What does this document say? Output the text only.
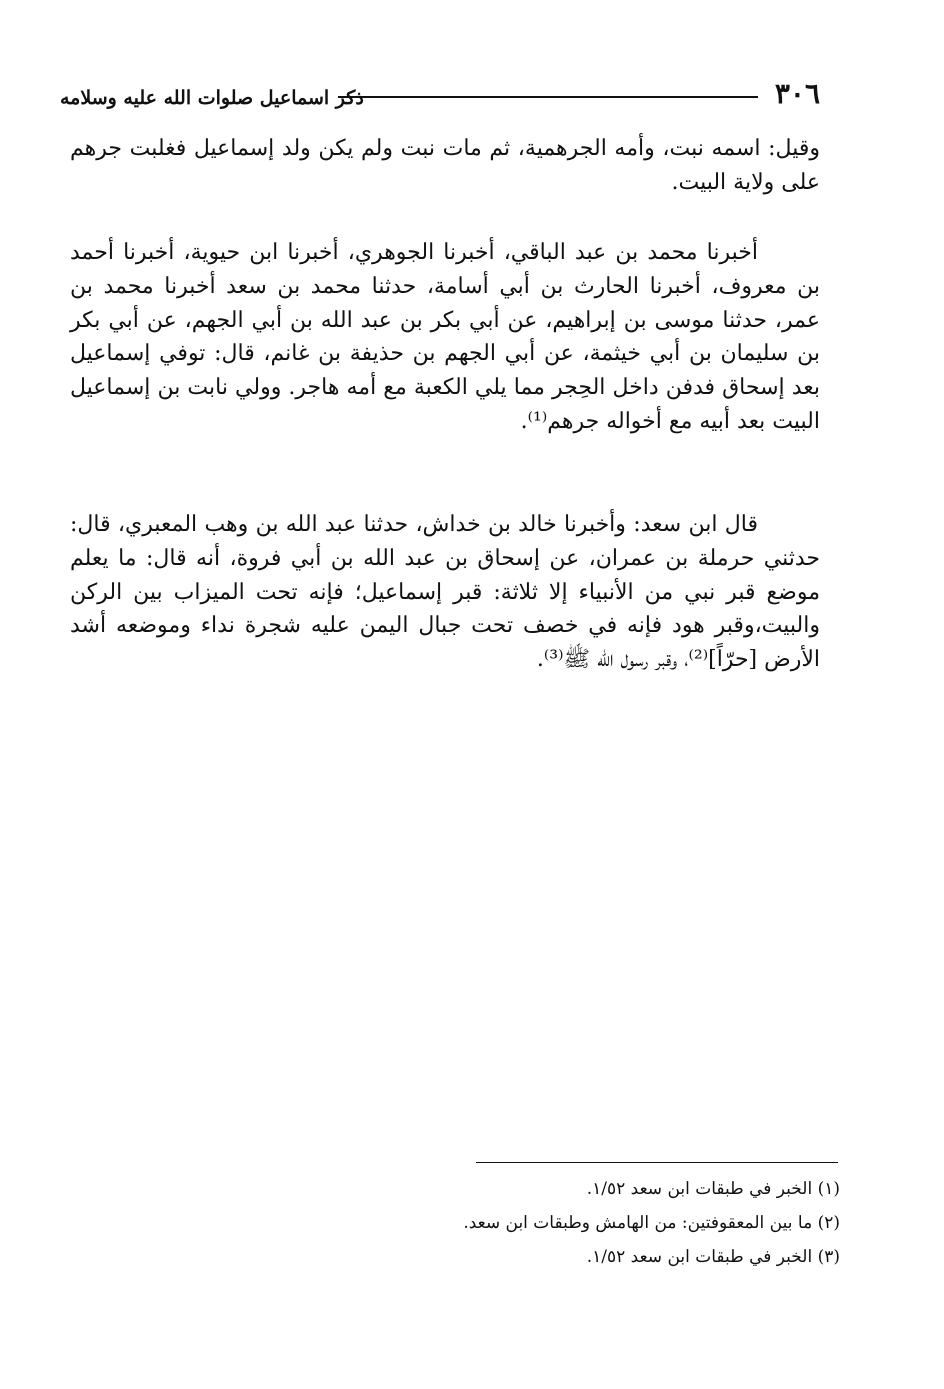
٣٠٦
ذكر اسماعيل صلوات الله عليه وسلامه

وقيل: اسمه نبت، وأمه الجرهمية، ثم مات نبت ولم يكن ولد إسماعيل فغلبت جرهم على ولاية البيت.

أخبرنا محمد بن عبد الباقي، أخبرنا الجوهري، أخبرنا ابن حيوية، أخبرنا أحمد بن معروف، أخبرنا الحارث بن أبي أسامة، حدثنا محمد بن سعد أخبرنا محمد بن عمر، حدثنا موسى بن إبراهيم، عن أبي بكر بن عبد الله بن أبي الجهم، عن أبي بكر بن سليمان بن أبي خيثمة، عن أبي الجهم بن حذيفة بن غانم، قال: توفي إسماعيل بعد إسحاق فدفن داخل الحِجر مما يلي الكعبة مع أمه هاجر. وولي نابت بن إسماعيل البيت بعد أبيه مع أخواله جرهم⁽¹⁾.

قال ابن سعد: وأخبرنا خالد بن خداش، حدثنا عبد الله بن وهب المعبري، قال: حدثني حرملة بن عمران، عن إسحاق بن عبد الله بن أبي فروة، أنه قال: ما يعلم موضع قبر نبي من الأنبياء إلا ثلاثة: قبر إسماعيل؛ فإنه تحت الميزاب بين الركن والبيت،وقبر هود فإنه في خصف تحت جبال اليمن عليه شجرة نداء وموضعه أشد الأرض [حرّاً]⁽²⁾، وقبر رسول الله ﷺ⁽³⁾.

(١) الخبر في طبقات ابن سعد ١/٥٢.
(٢) ما بين المعقوفتين: من الهامش وطبقات ابن سعد.
(٣) الخبر في طبقات ابن سعد ١/٥٢.
